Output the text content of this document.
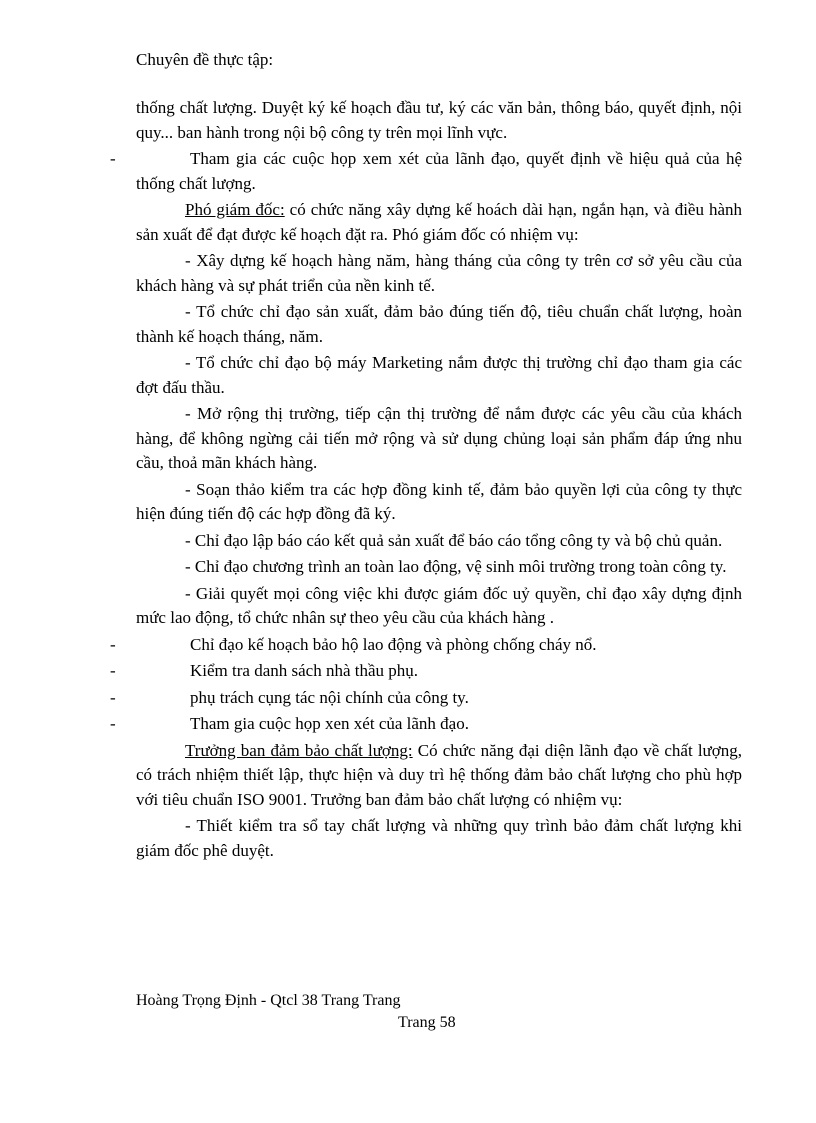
Chuyên đề thực tập:

thống chất lượng. Duyệt ký kế hoạch đầu tư, ký các văn bản, thông báo, quyết định, nội quy... ban hành trong nội bộ công ty trên mọi lĩnh vực.

-	Tham gia các cuộc họp xem xét của lãnh đạo, quyết định về hiệu quả của hệ thống chất lượng.

Phó giám đốc: có chức năng xây dựng kế hoách dài hạn, ngắn hạn, và điều hành sản xuất để đạt được kế hoạch đặt ra. Phó giám đốc có nhiệm vụ:

- Xây dựng kế hoạch hàng năm, hàng tháng của công ty trên cơ sở yêu cầu của khách hàng và sự phát triển của nền kinh tế.

- Tổ chức chỉ đạo sản xuất, đảm bảo đúng tiến độ, tiêu chuẩn chất lượng, hoàn thành kế hoạch tháng, năm.

- Tổ chức chỉ đạo bộ máy Marketing nắm được thị trường chỉ đạo tham gia các đợt đấu thầu.

- Mở rộng thị trường, tiếp cận thị trường để nắm được các yêu cầu của khách hàng, để không ngừng cải tiến mở rộng và sử dụng chủng loại sản phẩm đáp ứng nhu cầu, thoả mãn khách hàng.

- Soạn thảo kiểm tra các hợp đồng kinh tế, đảm bảo quyền lợi của công ty thực hiện đúng tiến độ các hợp đồng đã ký.

- Chỉ đạo lập báo cáo kết quả sản xuất để báo cáo tổng công ty và bộ chủ quản.

- Chỉ đạo chương trình an toàn lao động, vệ sinh môi trường trong toàn công ty.

- Giải quyết mọi công việc khi được giám đốc uỷ quyền, chỉ đạo xây dựng định mức lao động, tổ chức nhân sự theo yêu cầu của khách hàng .

-	Chỉ đạo kế hoạch bảo hộ lao động và phòng chống cháy nổ.

-	Kiểm tra danh sách nhà thầu phụ.

-	phụ trách cụng tác nội chính của công ty.

-	Tham gia cuộc họp xen xét của lãnh đạo.

Trưởng ban đảm bảo chất lượng: Có chức năng đại diện lãnh đạo về chất lượng, có trách nhiệm thiết lập, thực hiện và duy trì hệ thống đảm bảo chất lượng cho phù hợp với tiêu chuẩn ISO 9001. Trưởng ban đảm bảo chất lượng có nhiệm vụ:

- Thiết kiểm tra sổ tay chất lượng và những quy trình bảo đảm chất lượng khi giám đốc phê duyệt.

Hoàng Trọng Định - Qtcl 38 Trang Trang
Trang 58
